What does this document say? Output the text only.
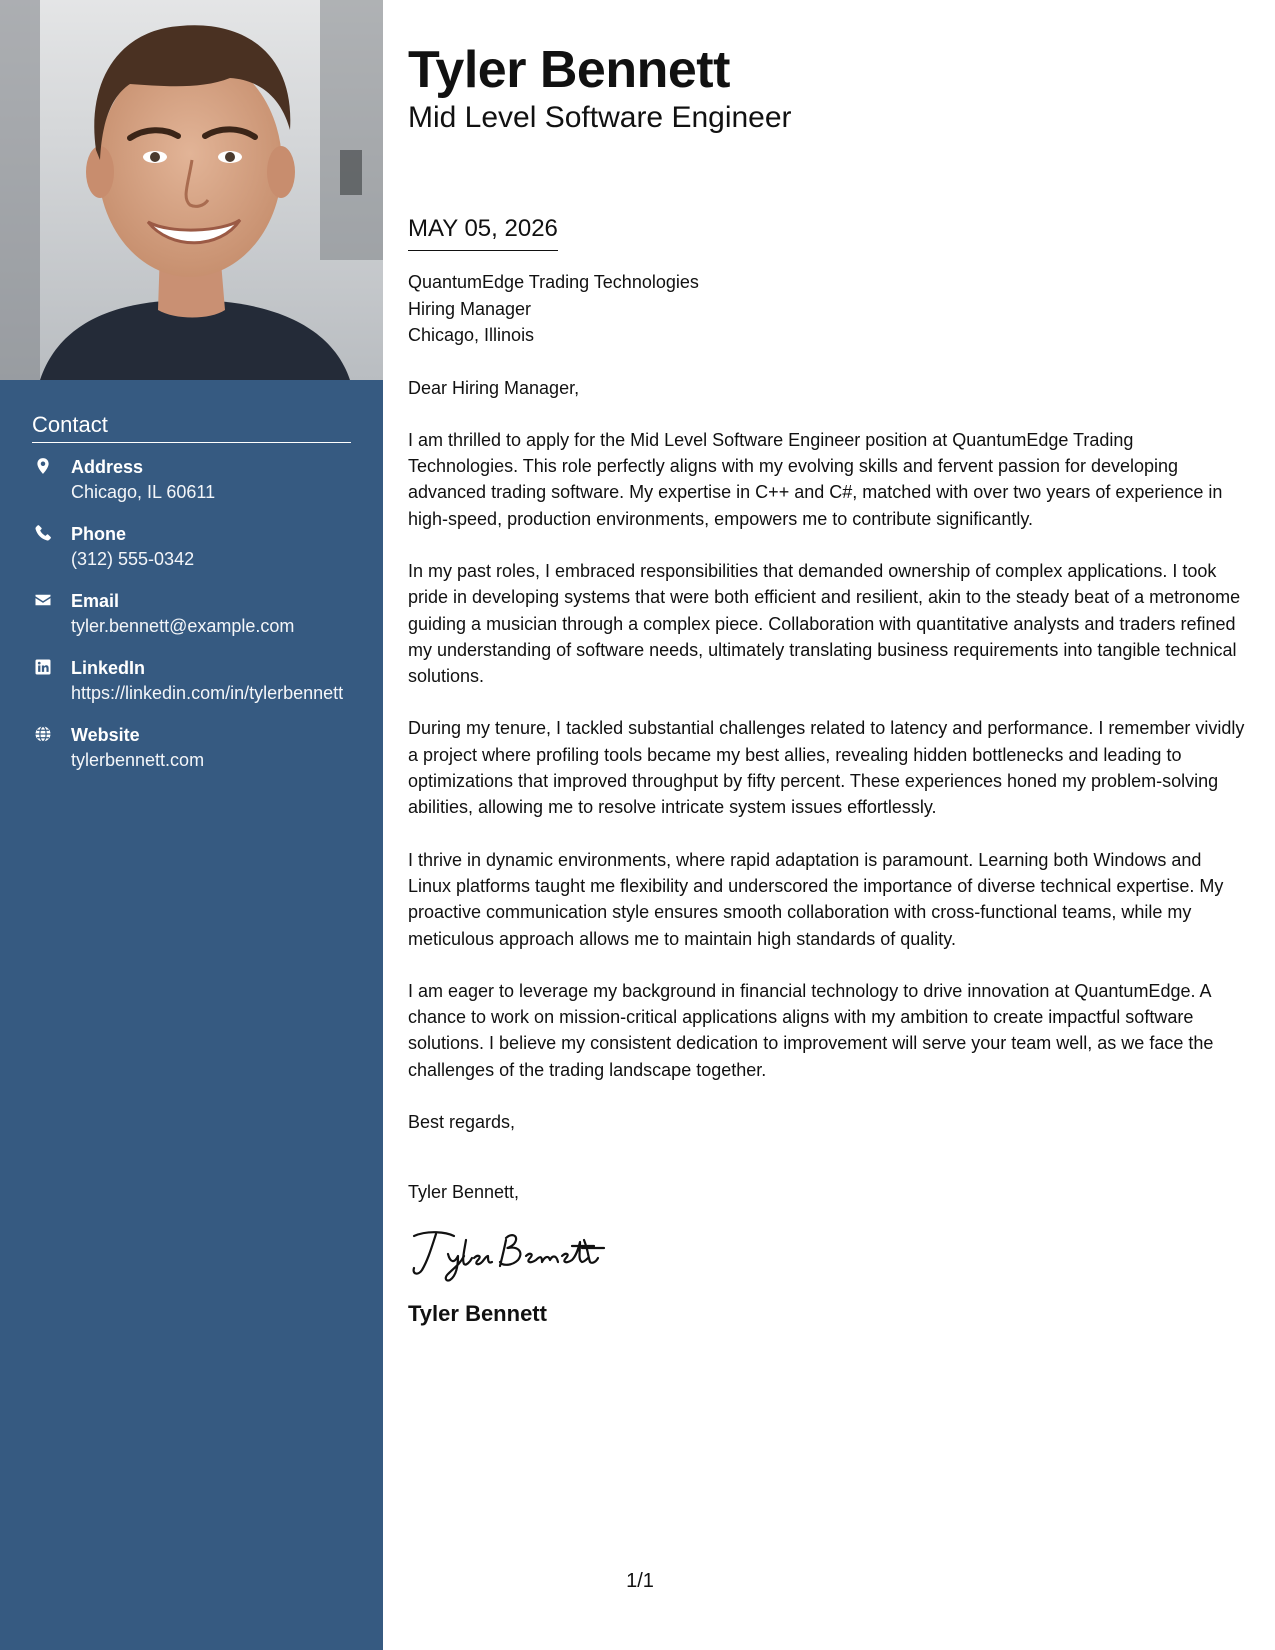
Contact
Address
Chicago, IL 60611
Phone
(312) 555-0342
Email
tyler.bennett@example.com
LinkedIn
https://linkedin.com/in/tylerbennett
Website
tylerbennett.com
Tyler Bennett
Mid Level Software Engineer
MAY 05, 2026
QuantumEdge Trading Technologies
Hiring Manager
Chicago, Illinois

Dear Hiring Manager,

I am thrilled to apply for the Mid Level Software Engineer position at QuantumEdge Trading Technologies. This role perfectly aligns with my evolving skills and fervent passion for developing advanced trading software. My expertise in C++ and C#, matched with over two years of experience in high-speed, production environments, empowers me to contribute significantly.

In my past roles, I embraced responsibilities that demanded ownership of complex applications. I took pride in developing systems that were both efficient and resilient, akin to the steady beat of a metronome guiding a musician through a complex piece. Collaboration with quantitative analysts and traders refined my understanding of software needs, ultimately translating business requirements into tangible technical solutions.

During my tenure, I tackled substantial challenges related to latency and performance. I remember vividly a project where profiling tools became my best allies, revealing hidden bottlenecks and leading to optimizations that improved throughput by fifty percent. These experiences honed my problem-solving abilities, allowing me to resolve intricate system issues effortlessly.

I thrive in dynamic environments, where rapid adaptation is paramount. Learning both Windows and Linux platforms taught me flexibility and underscored the importance of diverse technical expertise. My proactive communication style ensures smooth collaboration with cross-functional teams, while my meticulous approach allows me to maintain high standards of quality.

I am eager to leverage my background in financial technology to drive innovation at QuantumEdge. A chance to work on mission-critical applications aligns with my ambition to create impactful software solutions. I believe my consistent dedication to improvement will serve your team well, as we face the challenges of the trading landscape together.

Best regards,

Tyler Bennett,

Tyler Bennett
1/1
